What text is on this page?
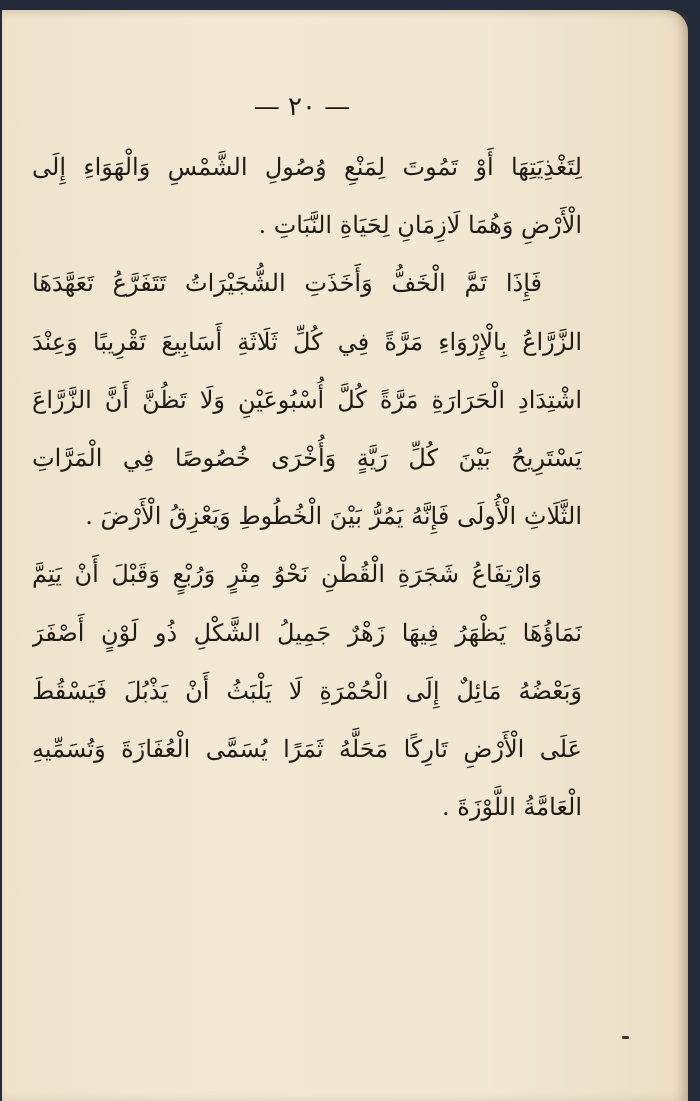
— ٢٠ —
لِتَغْذِيَتِهَا أَوْ تَمُوتَ لِمَنْعِ وُصُولِ الشَّمْسِ وَالْهَوَاءِ إِلَى
الْأَرْضِ وَهُمَا لَازِمَانِ لِحَيَاةِ النَّبَاتِ .
فَإِذَا تَمَّ الْخَفُّ وَأَخَذَتِ الشُّجَيْرَاتُ تَتَفَرَّعُ تَعَهَّدَهَا
الزَّرَّاعُ بِالْإِرْوَاءِ مَرَّةً فِي كُلِّ ثَلَاثَةِ أَسَابِيعَ تَقْرِيبًا وَعِنْدَ
اشْتِدَادِ الْحَرَارَةِ مَرَّةً كُلَّ أُسْبُوعَيْنِ وَلَا تَظُنَّ أَنَّ الزَّرَّاعَ
يَسْتَرِيحُ بَيْنَ كُلِّ رَيَّةٍ وَأُخْرَى خُصُوصًا فِي الْمَرَّاتِ
الثَّلَاثِ الْأُولَى فَإِنَّهُ يَمُرُّ بَيْنَ الْخُطُوطِ وَيَعْزِقُ الْأَرْضَ .
وَارْتِفَاعُ شَجَرَةِ الْقُطْنِ نَحْوُ مِتْرٍ وَرُبْعٍ وَقَبْلَ أَنْ يَتِمَّ
نَمَاؤُهَا يَظْهَرُ فِيهَا زَهْرٌ جَمِيلُ الشَّكْلِ ذُو لَوْنٍ أَصْفَرَ
وَبَعْضُهُ مَائِلٌ إِلَى الْحُمْرَةِ لَا يَلْبَثُ أَنْ يَذْبُلَ فَيَسْقُطَ
عَلَى الْأَرْضِ تَارِكًا مَحَلَّهُ ثَمَرًا يُسَمَّى الْعُفَازَةَ وَتُسَمِّيهِ
الْعَامَّةُ اللَّوْزَةَ .
